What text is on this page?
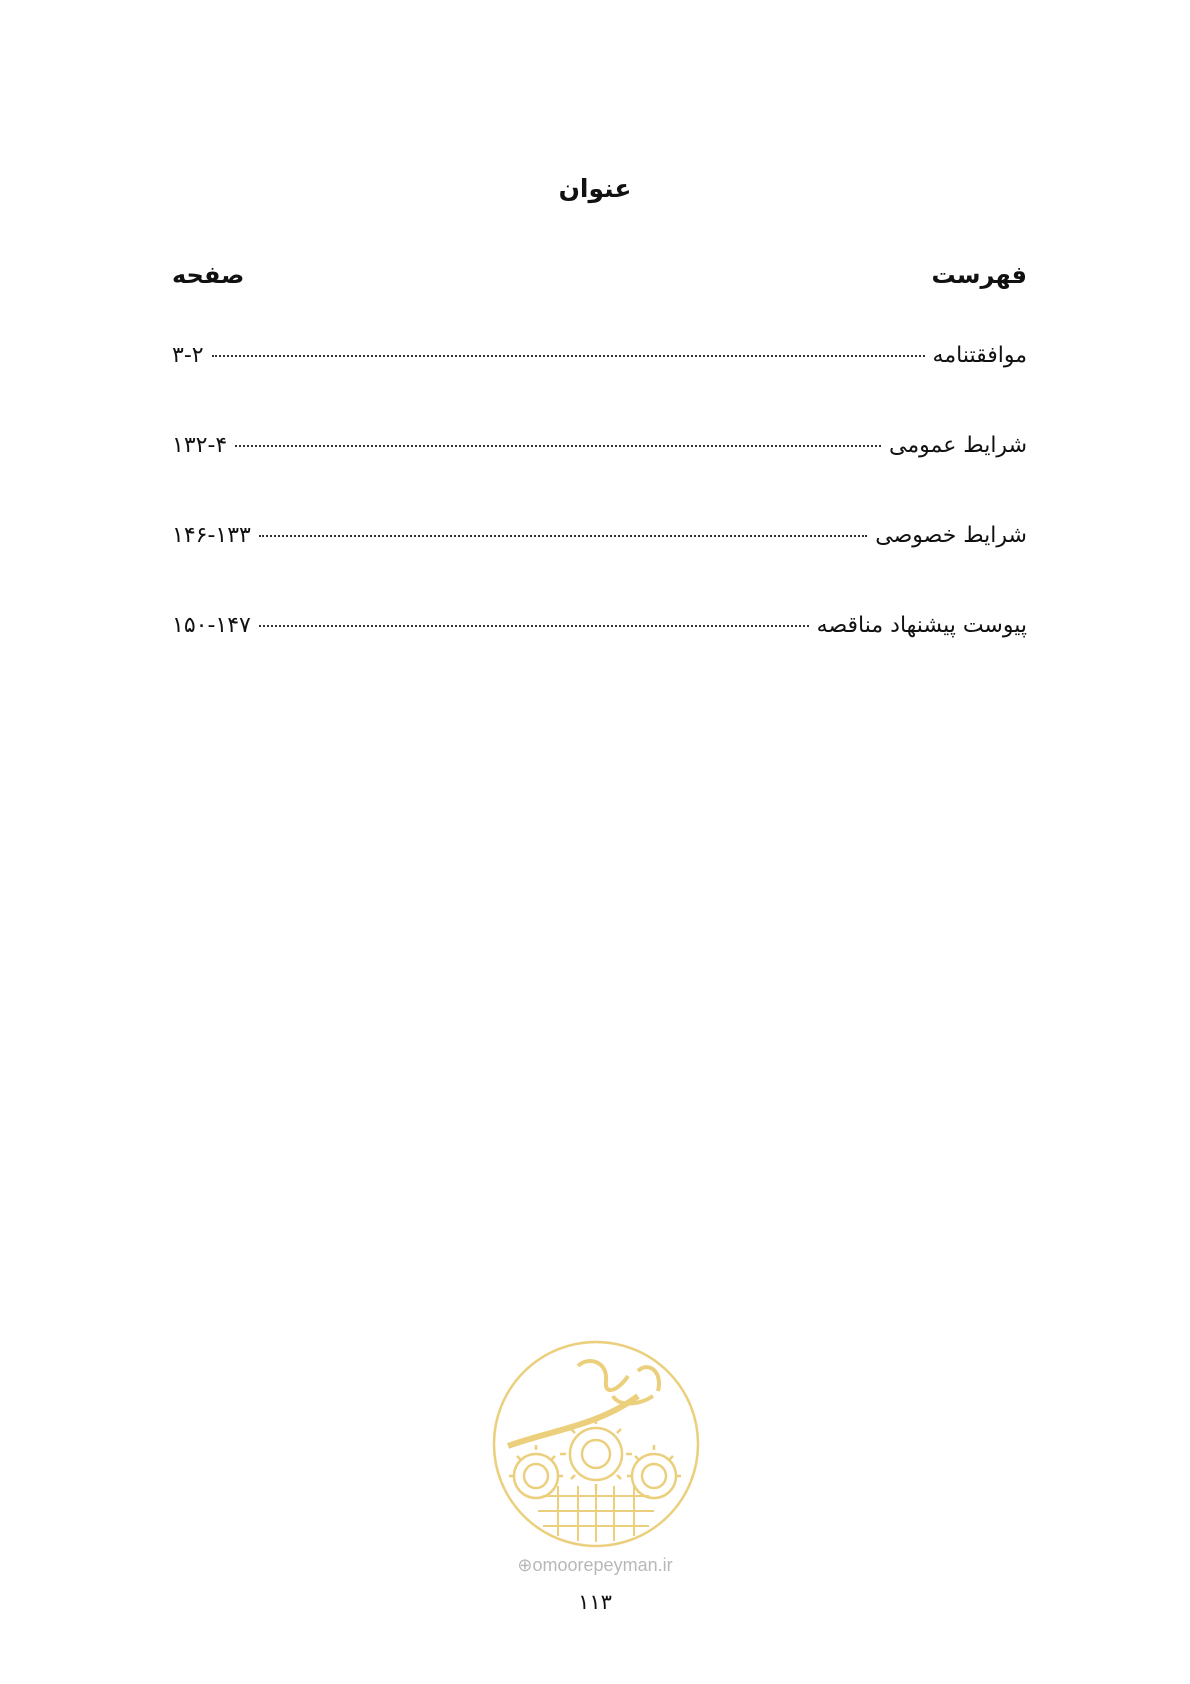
عنوان
فهرست
صفحه
موافقتنامه
۳-۲
شرایط عمومی
۱۳۲-۴
شرایط خصوصی
۱۴۶-۱۳۳
پیوست پیشنهاد مناقصه
۱۵۰-۱۴۷
⊕omoorepeyman.ir
۱۱۳
